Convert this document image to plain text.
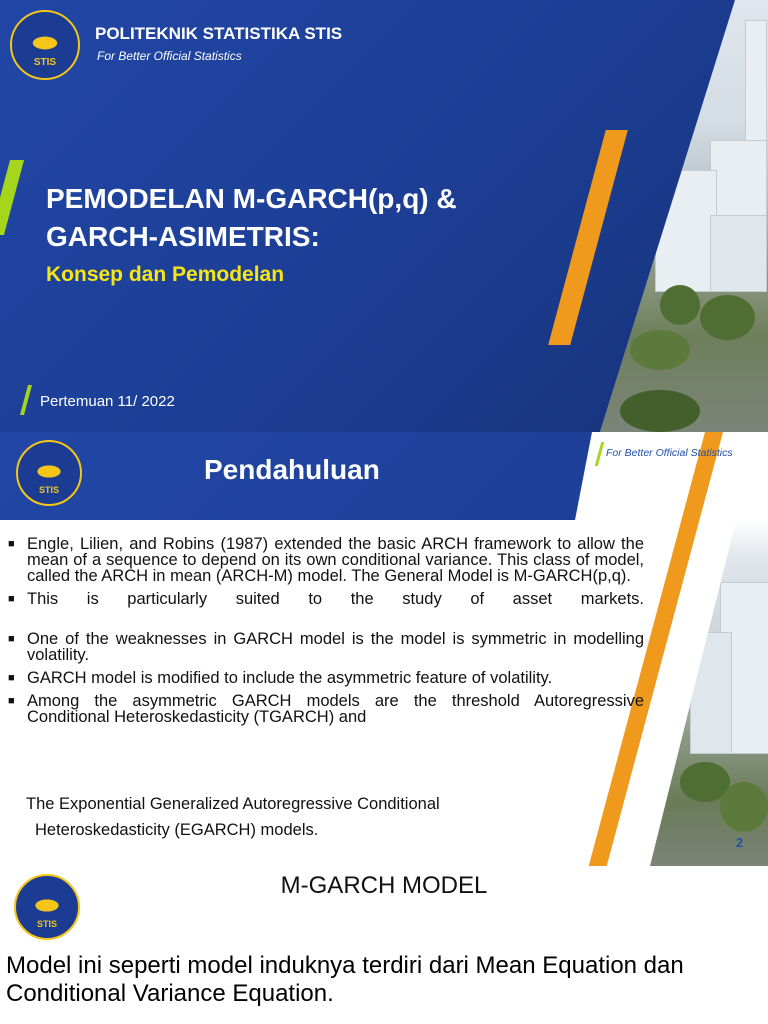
STIS
POLITEKNIK STATISTIKA STIS
For Better Official Statistics
PEMODELAN M-GARCH(p,q) &
GARCH-ASIMETRIS:
Konsep dan Pemodelan
Pertemuan 11/ 2022
STIS
Pendahuluan
For Better Official Statistics
■ Engle, Lilien, and Robins (1987) extended the basic ARCH framework to allow the mean of a sequence to depend on its own conditional variance. This class of model, called the ARCH in mean (ARCH-M) model. The General Model is M-GARCH(p,q).
■ This is particularly suited to the study of asset markets.
■ One of the weaknesses in GARCH model is the model is symmetric in modelling volatility.
■ GARCH model is modified to include the asymmetric feature of volatility.
■ Among the asymmetric GARCH models are the threshold Autoregressive Conditional Heteroskedasticity (TGARCH) and
The Exponential Generalized Autoregressive Conditional
Heteroskedasticity (EGARCH) models.
2
STIS
M-GARCH MODEL
Model ini seperti model induknya terdiri dari Mean Equation dan Conditional Variance Equation.
